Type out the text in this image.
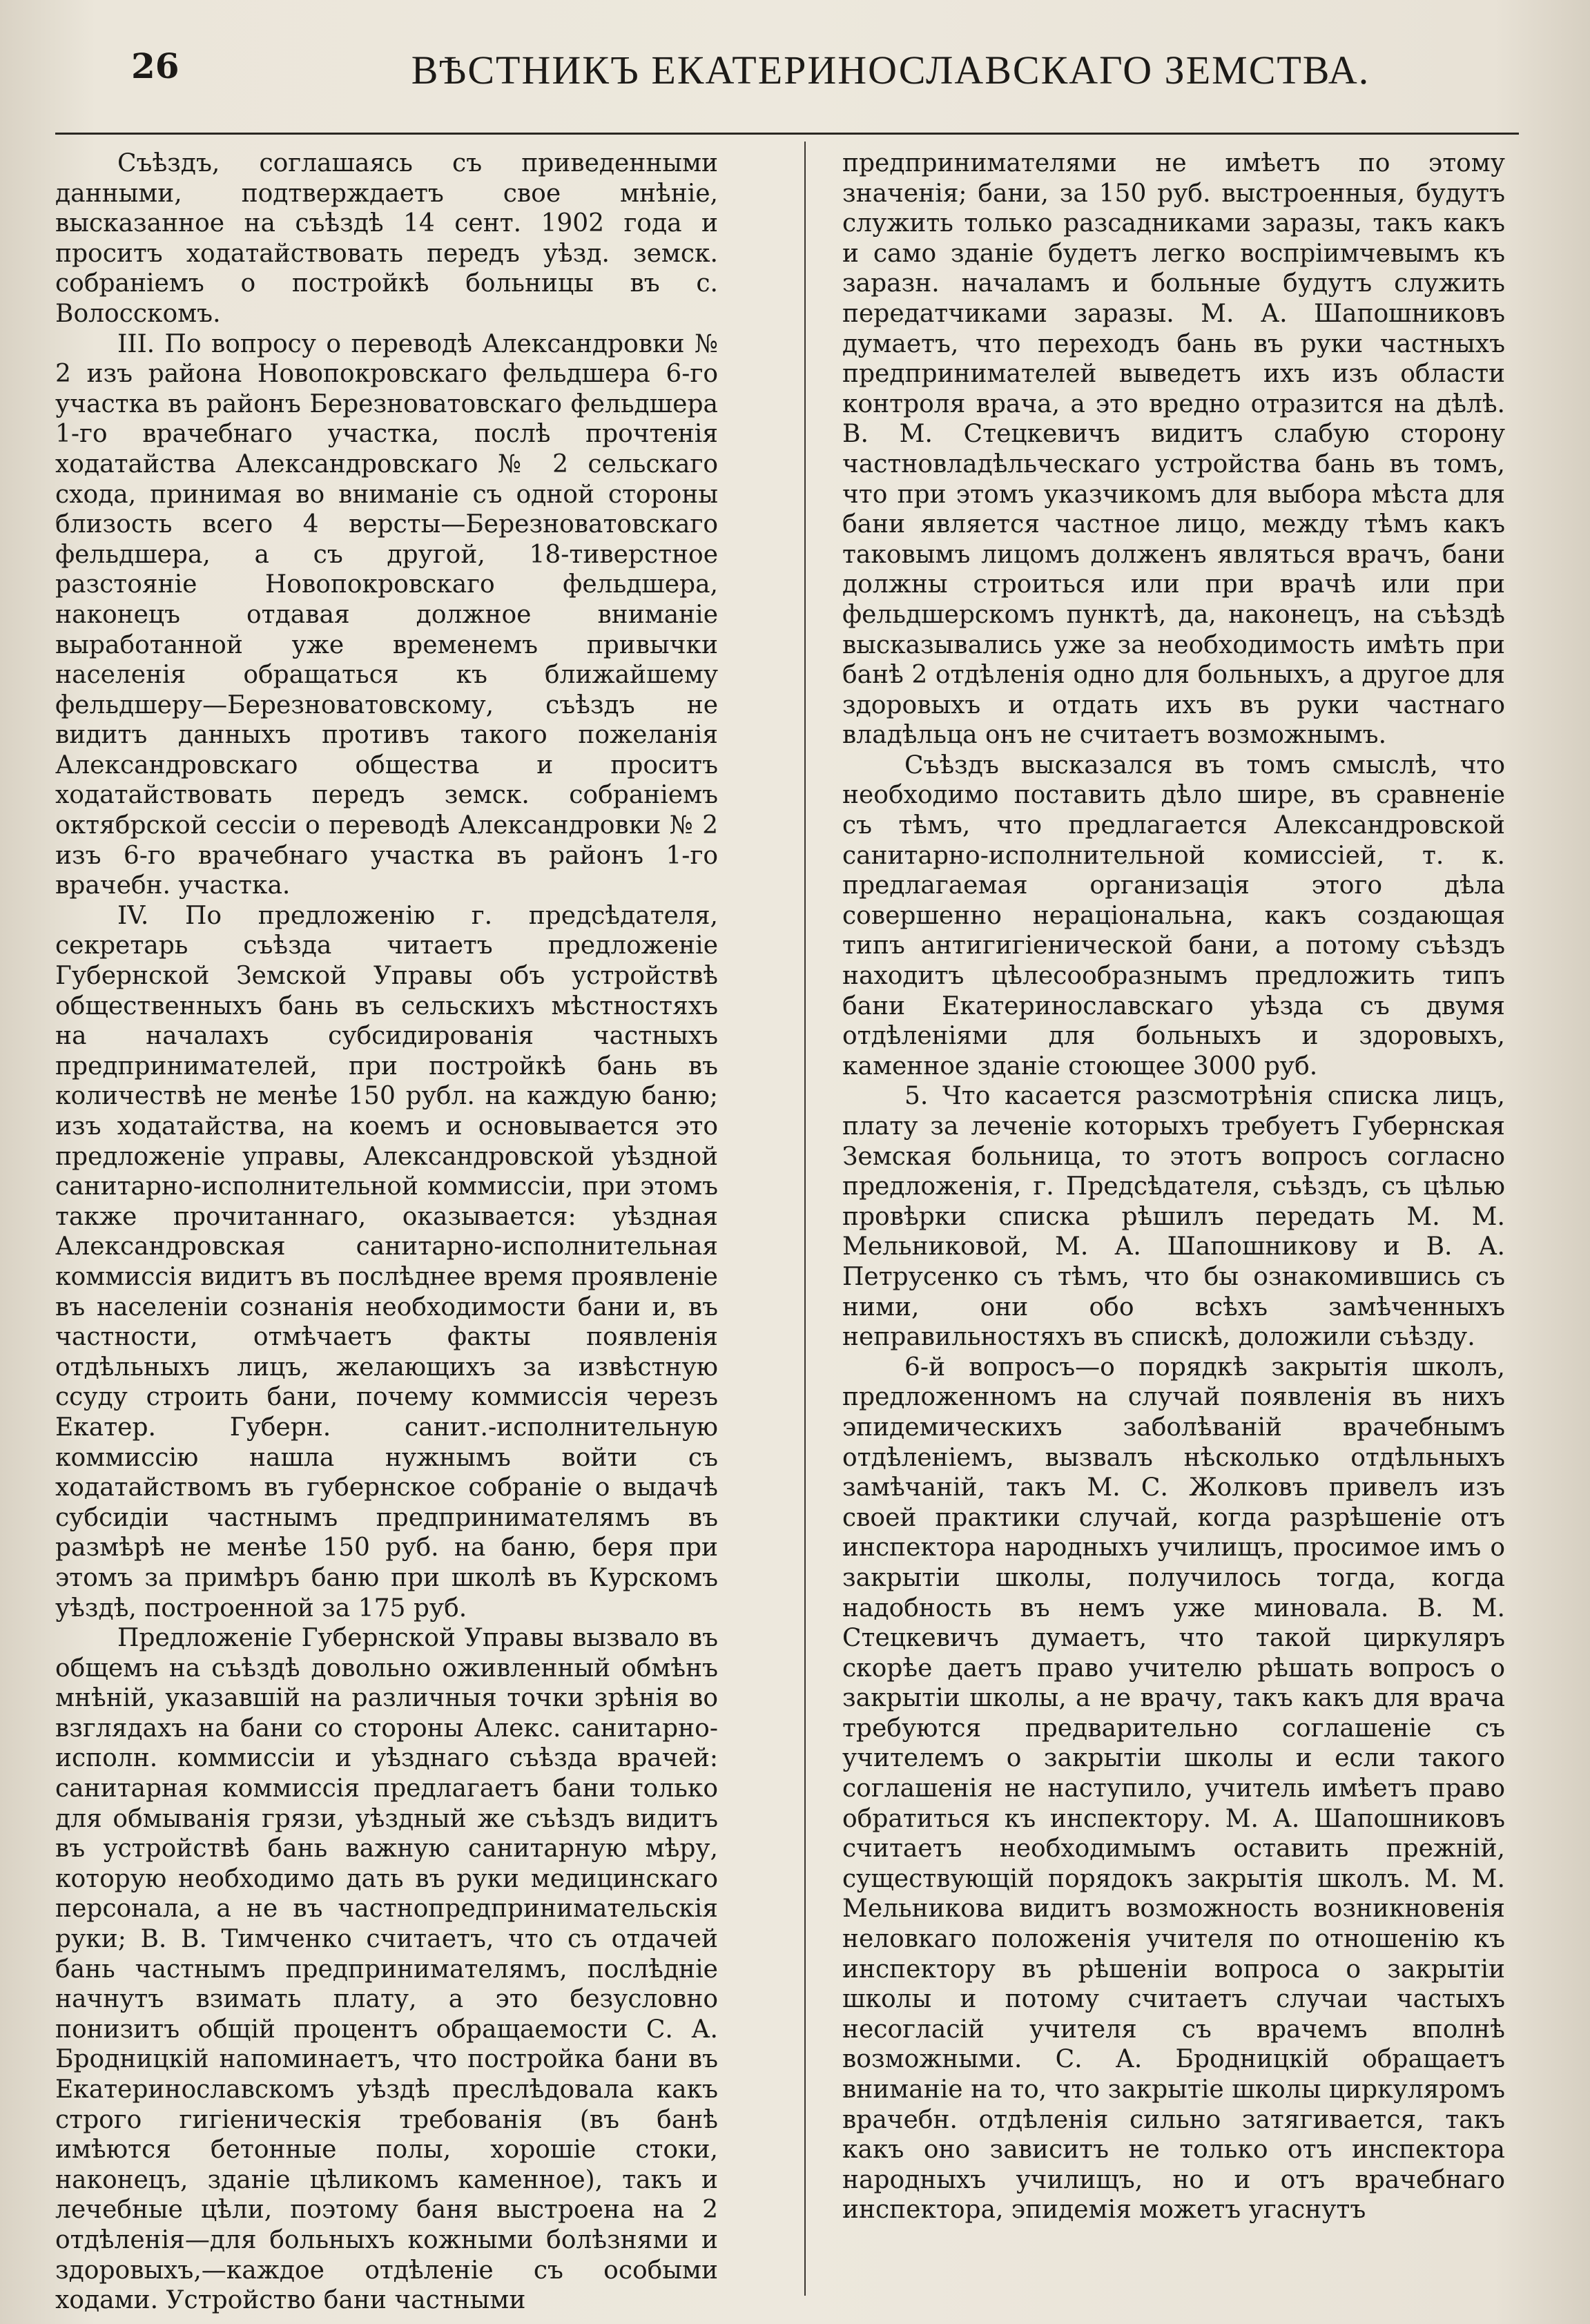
26	ВѢСТНИКЪ ЕКАТЕРИНОСЛАВСКАГО ЗЕМСТВА.

Съѣздъ, соглашаясь съ приведенными данными, подтверждаетъ свое мнѣніе, высказанное на съѣздѣ 14 сент. 1902 года и проситъ ходатайствовать передъ уѣзд. земск. собраніемъ о постройкѣ больницы въ с. Волосскомъ.

III. По вопросу о переводѣ Александровки № 2 изъ района Новопокровскаго фельдшера 6-го участка въ районъ Березноватовскаго фельдшера 1-го врачебнаго участка, послѣ прочтенія ходатайства Александровскаго № 2 сельскаго схода, принимая во вниманіе съ одной стороны близость всего 4 версты—Березноватовскаго фельдшера, а съ другой, 18-тиверстное разстояніе Новопокровскаго фельдшера, наконецъ отдавая должное вниманіе выработанной уже временемъ привычки населенія обращаться къ ближайшему фельдшеру—Березноватовскому, съѣздъ не видитъ данныхъ противъ такого пожеланія Александровскаго общества и проситъ ходатайствовать передъ земск. собраніемъ октябрской сессіи о переводѣ Александровки № 2 изъ 6-го врачебнаго участка въ районъ 1-го врачебн. участка.

IV. По предложенію г. предсѣдателя, секретарь съѣзда читаетъ предложеніе Губернской Земской Управы объ устройствѣ общественныхъ бань въ сельскихъ мѣстностяхъ на началахъ субсидированія частныхъ предпринимателей, при постройкѣ бань въ количествѣ не менѣе 150 рубл. на каждую баню; изъ ходатайства, на коемъ и основывается это предложеніе управы, Александровской уѣздной санитарно-исполнительной коммиссіи, при этомъ также прочитаннаго, оказывается: уѣздная Александровская санитарно-исполнительная коммиссія видитъ въ послѣднее время проявленіе въ населеніи сознанія необходимости бани и, въ частности, отмѣчаетъ факты появленія отдѣльныхъ лицъ, желающихъ за извѣстную ссуду строить бани, почему коммиссія черезъ Екатер. Губерн. санит.-исполнительную коммиссію нашла нужнымъ войти съ ходатайствомъ въ губернское собраніе о выдачѣ субсидіи частнымъ предпринимателямъ въ размѣрѣ не менѣе 150 руб. на баню, беря при этомъ за примѣръ баню при школѣ въ Курскомъ уѣздѣ, построенной за 175 руб.

Предложеніе Губернской Управы вызвало въ общемъ на съѣздѣ довольно оживленный обмѣнъ мнѣній, указавшій на различныя точки зрѣнія во взглядахъ на бани со стороны Алекс. санитарно-исполн. коммиссіи и уѣзднаго съѣзда врачей: санитарная коммиссія предлагаетъ бани только для обмыванія грязи, уѣздный же съѣздъ видитъ въ устройствѣ бань важную санитарную мѣру, которую необходимо дать въ руки медицинскаго персонала, а не въ частнопредпринимательскія руки; В. В. Тимченко считаетъ, что съ отдачей бань частнымъ предпринимателямъ, послѣдніе начнутъ взимать плату, а это безусловно понизитъ общій процентъ обращаемости С. А. Бродницкій напоминаетъ, что постройка бани въ Екатеринославскомъ уѣздѣ преслѣдовала какъ строго гигіеническія требованія (въ банѣ имѣются бетонные полы, хорошіе стоки, наконецъ, зданіе цѣликомъ каменное), такъ и лечебные цѣли, поэтому баня выстроена на 2 отдѣленія—для больныхъ кожными болѣзнями и здоровыхъ,—каждое отдѣленіе съ особыми ходами. Устройство бани частными

предпринимателями не имѣетъ по этому значенія; бани, за 150 руб. выстроенныя, будутъ служить только разсадниками заразы, такъ какъ и само зданіе будетъ легко воспріимчевымъ къ заразн. началамъ и больные будутъ служить передатчиками заразы. М. А. Шапошниковъ думаетъ, что переходъ бань въ руки частныхъ предпринимателей выведетъ ихъ изъ области контроля врача, а это вредно отразится на дѣлѣ. В. М. Стецкевичъ видитъ слабую сторону частновладѣльческаго устройства бань въ томъ, что при этомъ указчикомъ для выбора мѣста для бани является частное лицо, между тѣмъ какъ таковымъ лицомъ долженъ являться врачъ, бани должны строиться или при врачѣ или при фельдшерскомъ пунктѣ, да, наконецъ, на съѣздѣ высказывались уже за необходимость имѣть при банѣ 2 отдѣленія одно для больныхъ, а другое для здоровыхъ и отдать ихъ въ руки частнаго владѣльца онъ не считаетъ возможнымъ.

Съѣздъ высказался въ томъ смыслѣ, что необходимо поставить дѣло шире, въ сравненіе съ тѣмъ, что предлагается Александровской санитарно-исполнительной комиссіей, т. к. предлагаемая организація этого дѣла совершенно нераціональна, какъ создающая типъ антигигіенической бани, а потому съѣздъ находитъ цѣлесообразнымъ предложить типъ бани Екатеринославскаго уѣзда съ двумя отдѣленіями для больныхъ и здоровыхъ, каменное зданіе стоющее 3000 руб.

5. Что касается разсмотрѣнія списка лицъ, плату за леченіе которыхъ требуетъ Губернская Земская больница, то этотъ вопросъ согласно предложенія, г. Предсѣдателя, съѣздъ, съ цѣлью провѣрки списка рѣшилъ передать М. М. Мельниковой, М. А. Шапошникову и В. А. Петрусенко съ тѣмъ, что бы ознакомившись съ ними, они обо всѣхъ замѣченныхъ неправильностяхъ въ спискѣ, доложили съѣзду.

6-й вопросъ—о порядкѣ закрытія школъ, предложенномъ на случай появленія въ нихъ эпидемическихъ заболѣваній врачебнымъ отдѣленіемъ, вызвалъ нѣсколько отдѣльныхъ замѣчаній, такъ М. С. Жолковъ привелъ изъ своей практики случай, когда разрѣшеніе отъ инспектора народныхъ училищъ, просимое имъ о закрытіи школы, получилось тогда, когда надобность въ немъ уже миновала. В. М. Стецкевичъ думаетъ, что такой циркуляръ скорѣе даетъ право учителю рѣшать вопросъ о закрытіи школы, а не врачу, такъ какъ для врача требуются предварительно соглашеніе съ учителемъ о закрытіи школы и если такого соглашенія не наступило, учитель имѣетъ право обратиться къ инспектору. М. А. Шапошниковъ считаетъ необходимымъ оставить прежній, существующій порядокъ закрытія школъ. М. М. Мельникова видитъ возможность возникновенія неловкаго положенія учителя по отношенію къ инспектору въ рѣшеніи вопроса о закрытіи школы и потому считаетъ случаи частыхъ несогласій учителя съ врачемъ вполнѣ возможными. С. А. Бродницкій обращаетъ вниманіе на то, что закрытіе школы циркуляромъ врачебн. отдѣленія сильно затягивается, такъ какъ оно зависитъ не только отъ инспектора народныхъ училищъ, но и отъ врачебнаго инспектора, эпидемія можетъ угаснутъ
